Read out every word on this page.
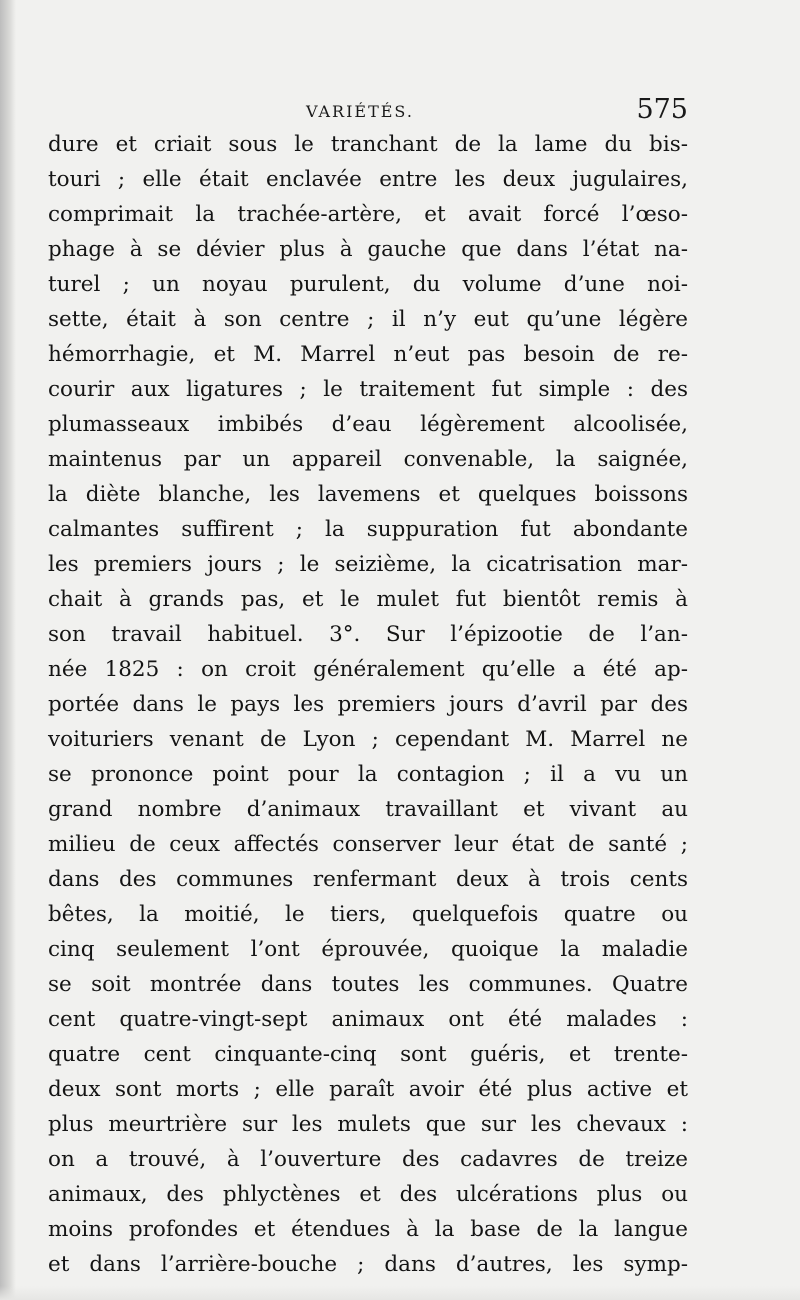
VARIÉTÉS.	575
dure et criait sous le tranchant de la lame du bis-
touri ; elle était enclavée entre les deux jugulaires,
comprimait la trachée-artère, et avait forcé l’œso-
phage à se dévier plus à gauche que dans l’état na-
turel ; un noyau purulent, du volume d’une noi-
sette, était à son centre ; il n’y eut qu’une légère
hémorrhagie, et M. Marrel n’eut pas besoin de re-
courir aux ligatures ; le traitement fut simple : des
plumasseaux imbibés d’eau légèrement alcoolisée,
maintenus par un appareil convenable, la saignée,
la diète blanche, les lavemens et quelques boissons
calmantes suffirent ; la suppuration fut abondante
les premiers jours ; le seizième, la cicatrisation mar-
chait à grands pas, et le mulet fut bientôt remis à
son travail habituel. 3°. Sur l’épizootie de l’an-
née 1825 : on croit généralement qu’elle a été ap-
portée dans le pays les premiers jours d’avril par des
voituriers venant de Lyon ; cependant M. Marrel ne
se prononce point pour la contagion ; il a vu un
grand nombre d’animaux travaillant et vivant au
milieu de ceux affectés conserver leur état de santé ;
dans des communes renfermant deux à trois cents
bêtes, la moitié, le tiers, quelquefois quatre ou
cinq seulement l’ont éprouvée, quoique la maladie
se soit montrée dans toutes les communes. Quatre
cent quatre-vingt-sept animaux ont été malades :
quatre cent cinquante-cinq sont guéris, et trente-
deux sont morts ; elle paraît avoir été plus active et
plus meurtrière sur les mulets que sur les chevaux :
on a trouvé, à l’ouverture des cadavres de treize
animaux, des phlyctènes et des ulcérations plus ou
moins profondes et étendues à la base de la langue
et dans l’arrière-bouche ; dans d’autres, les symp-
